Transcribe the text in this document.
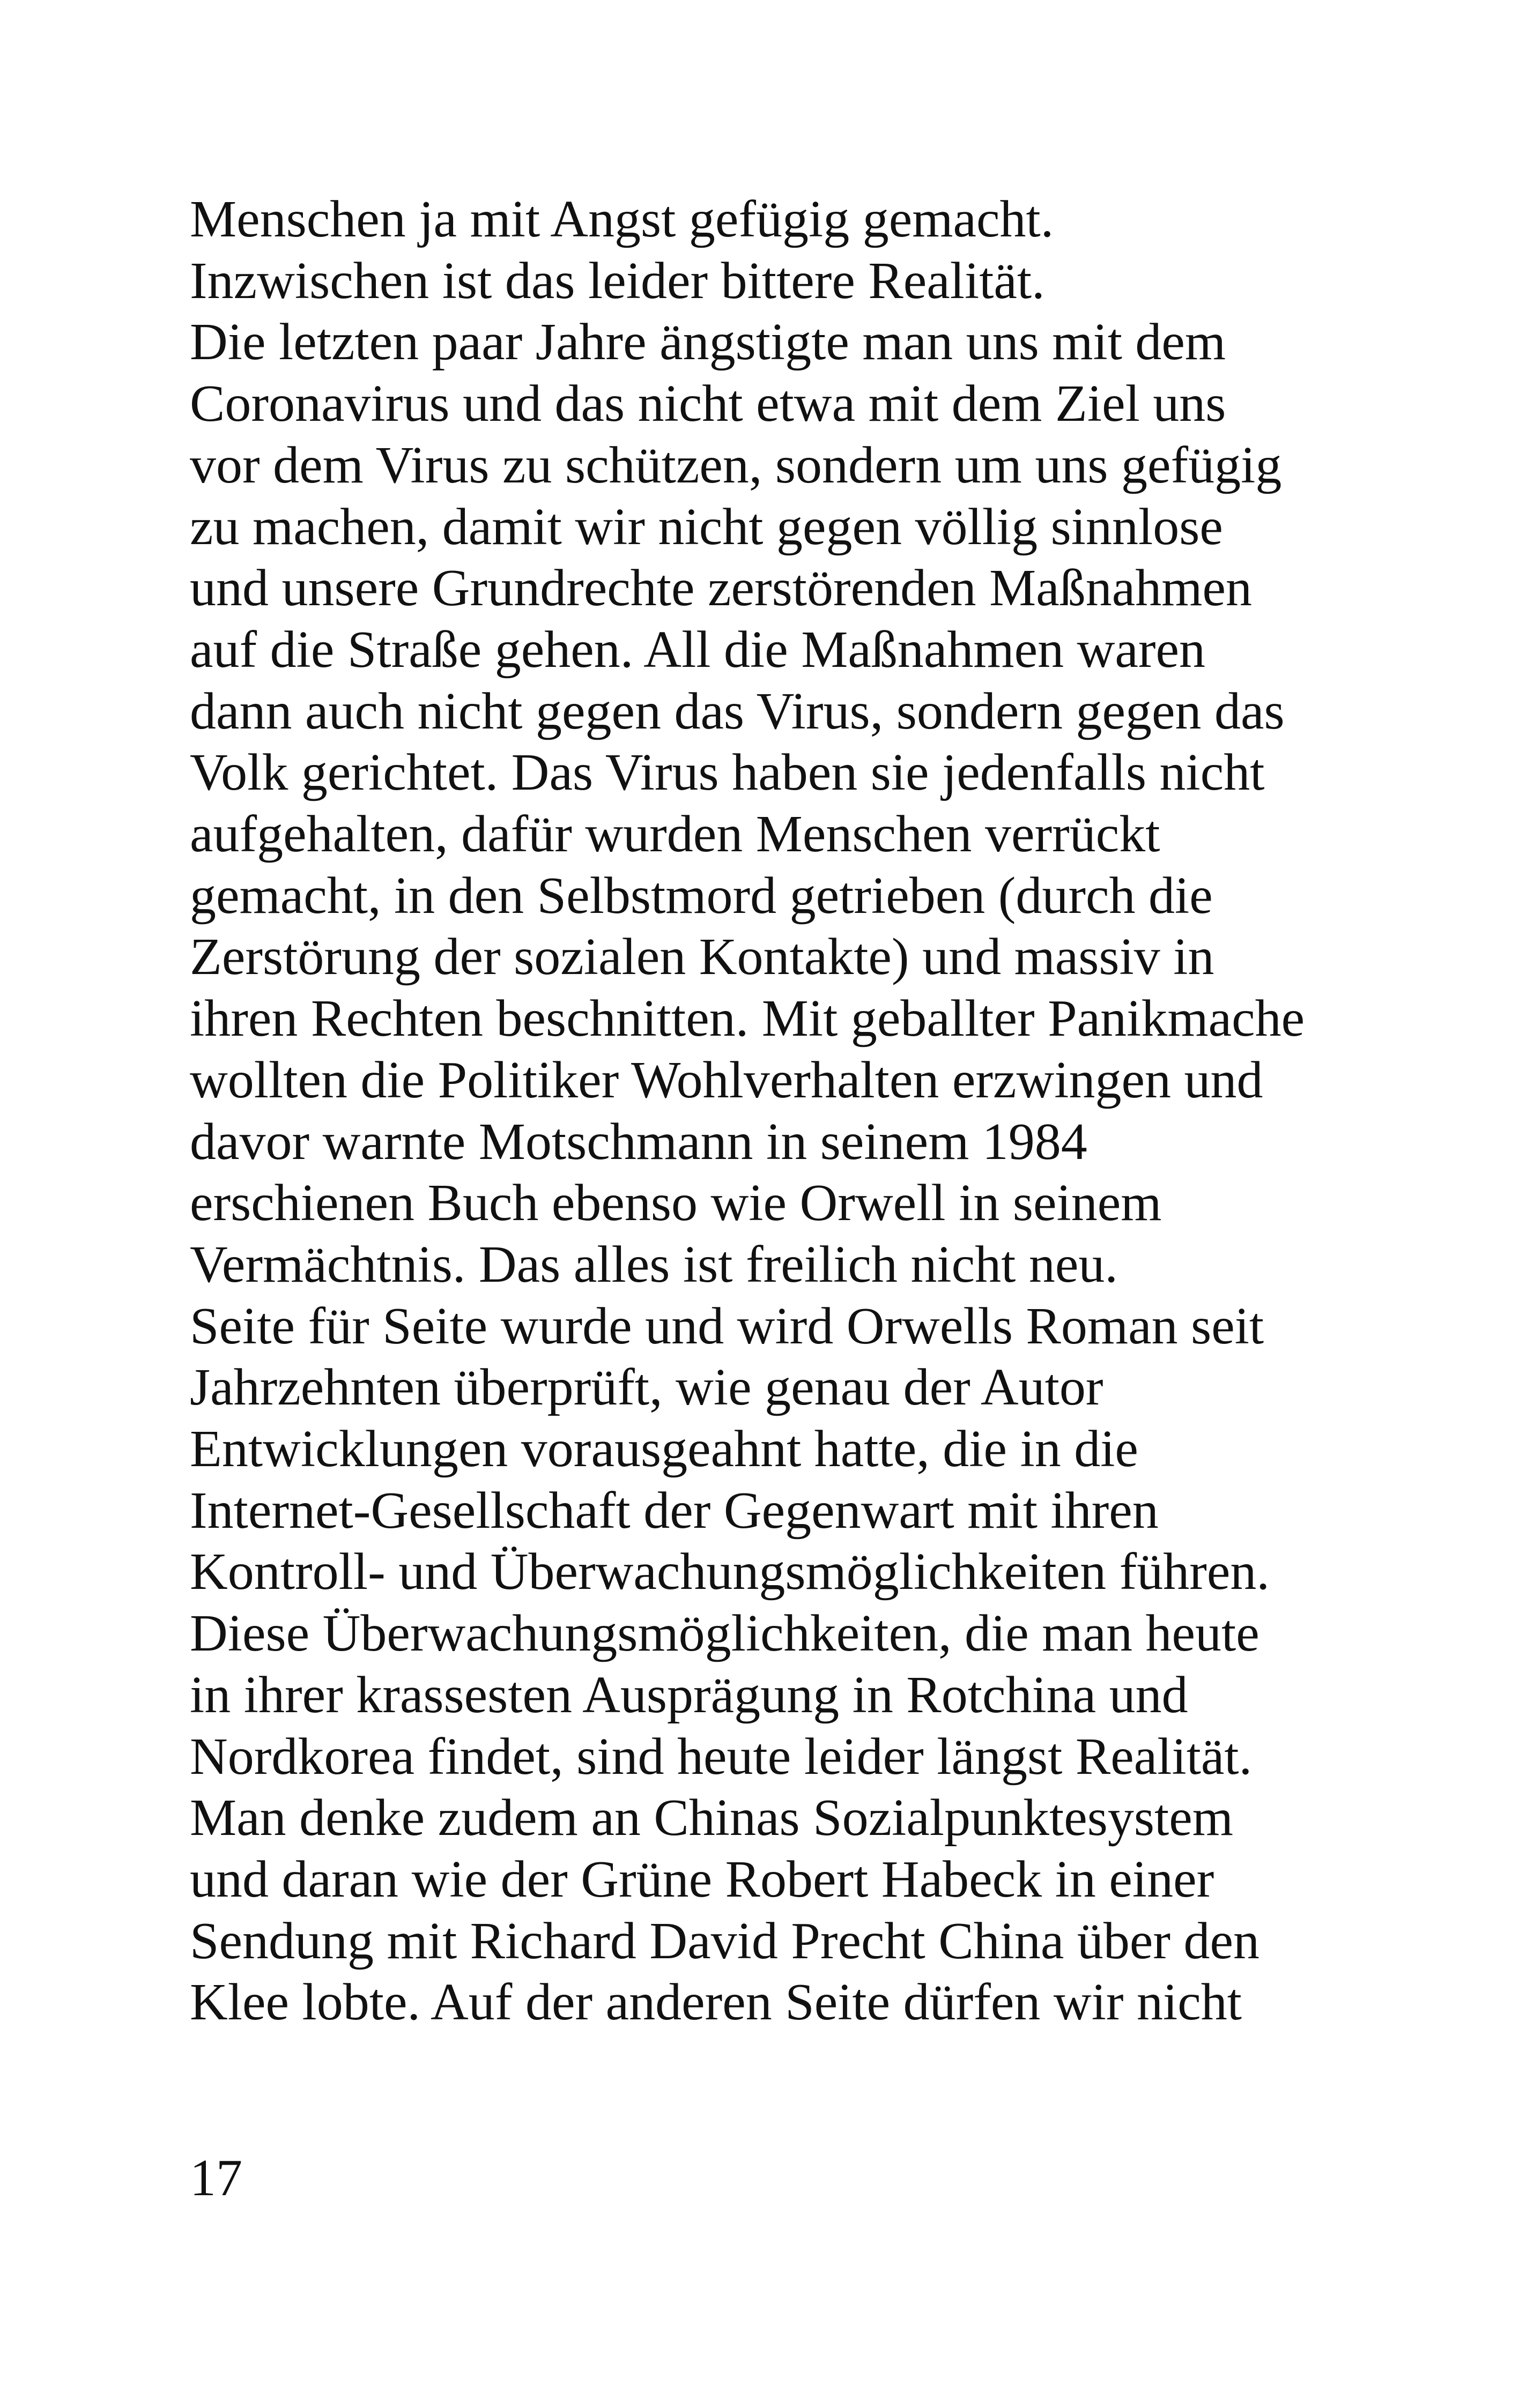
Menschen ja mit Angst gefügig gemacht.
Inzwischen ist das leider bittere Realität.
Die letzten paar Jahre ängstigte man uns mit dem
Coronavirus und das nicht etwa mit dem Ziel uns
vor dem Virus zu schützen, sondern um uns gefügig
zu machen, damit wir nicht gegen völlig sinnlose
und unsere Grundrechte zerstörenden Maßnahmen
auf die Straße gehen. All die Maßnahmen waren
dann auch nicht gegen das Virus, sondern gegen das
Volk gerichtet. Das Virus haben sie jedenfalls nicht
aufgehalten, dafür wurden Menschen verrückt
gemacht, in den Selbstmord getrieben (durch die
Zerstörung der sozialen Kontakte) und massiv in
ihren Rechten beschnitten. Mit geballter Panikmache
wollten die Politiker Wohlverhalten erzwingen und
davor warnte Motschmann in seinem 1984
erschienen Buch ebenso wie Orwell in seinem
Vermächtnis. Das alles ist freilich nicht neu.
Seite für Seite wurde und wird Orwells Roman seit
Jahrzehnten überprüft, wie genau der Autor
Entwicklungen vorausgeahnt hatte, die in die
Internet-Gesellschaft der Gegenwart mit ihren
Kontroll- und Überwachungsmöglichkeiten führen.
Diese Überwachungsmöglichkeiten, die man heute
in ihrer krassesten Ausprägung in Rotchina und
Nordkorea findet, sind heute leider längst Realität.
Man denke zudem an Chinas Sozialpunktesystem
und daran wie der Grüne Robert Habeck in einer
Sendung mit Richard David Precht China über den
Klee lobte. Auf der anderen Seite dürfen wir nicht

17
